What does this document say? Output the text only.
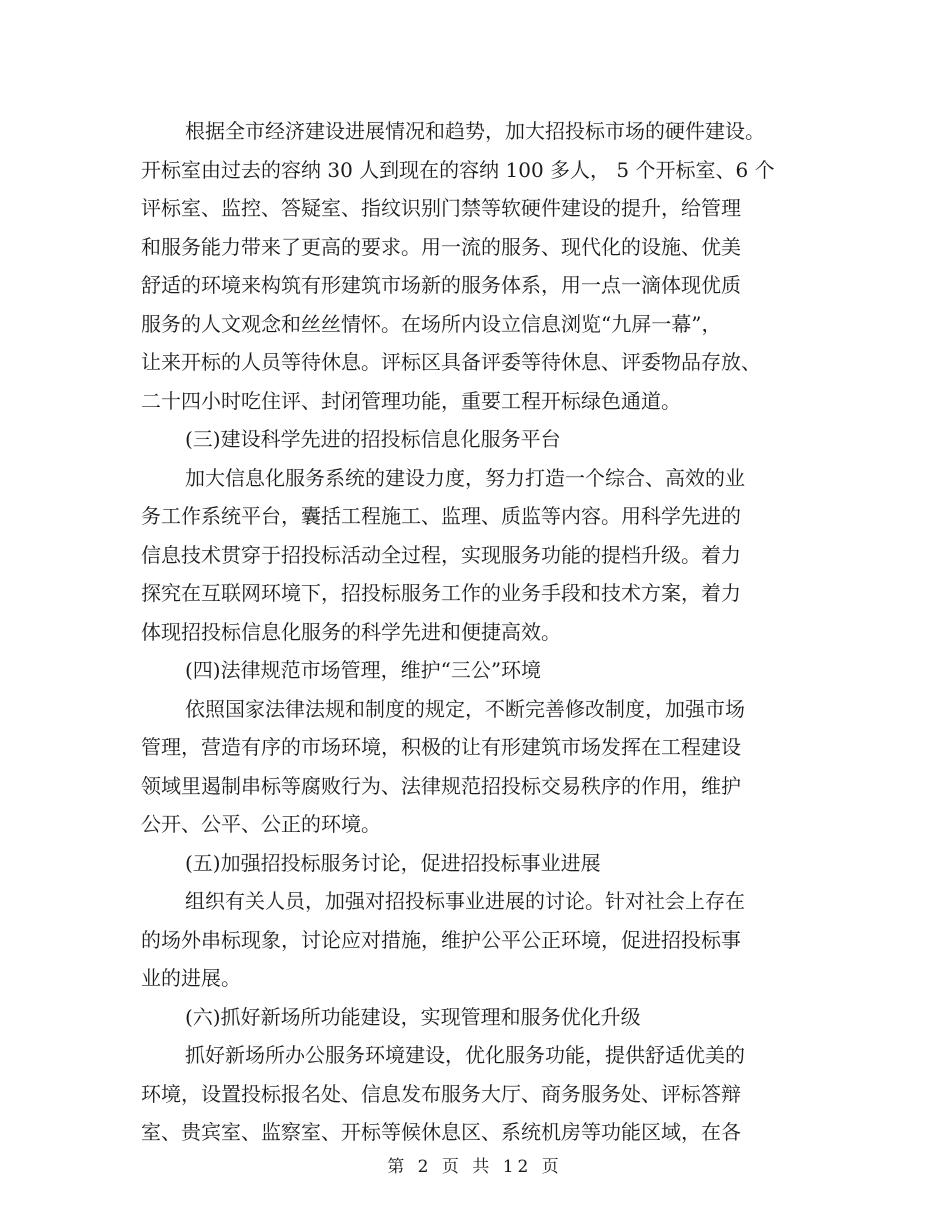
根据全市经济建设进展情况和趋势，加大招投标市场的硬件建设。
开标室由过去的容纳 30 人到现在的容纳 100 多人， 5 个开标室、6 个
评标室、监控、答疑室、指纹识别门禁等软硬件建设的提升，给管理
和服务能力带来了更高的要求。用一流的服务、现代化的设施、优美
舒适的环境来构筑有形建筑市场新的服务体系，用一点一滴体现优质
服务的人文观念和丝丝情怀。在场所内设立信息浏览“九屏一幕”，
让来开标的人员等待休息。评标区具备评委等待休息、评委物品存放、
二十四小时吃住评、封闭管理功能，重要工程开标绿色通道。
(三)建设科学先进的招投标信息化服务平台
加大信息化服务系统的建设力度，努力打造一个综合、高效的业
务工作系统平台，囊括工程施工、监理、质监等内容。用科学先进的
信息技术贯穿于招投标活动全过程，实现服务功能的提档升级。着力
探究在互联网环境下，招投标服务工作的业务手段和技术方案，着力
体现招投标信息化服务的科学先进和便捷高效。
(四)法律规范市场管理，维护“三公”环境
依照国家法律法规和制度的规定，不断完善修改制度，加强市场
管理，营造有序的市场环境，积极的让有形建筑市场发挥在工程建设
领域里遏制串标等腐败行为、法律规范招投标交易秩序的作用，维护
公开、公平、公正的环境。
(五)加强招投标服务讨论，促进招投标事业进展
组织有关人员，加强对招投标事业进展的讨论。针对社会上存在
的场外串标现象，讨论应对措施，维护公平公正环境，促进招投标事
业的进展。
(六)抓好新场所功能建设，实现管理和服务优化升级
抓好新场所办公服务环境建设，优化服务功能，提供舒适优美的
环境，设置投标报名处、信息发布服务大厅、商务服务处、评标答辩
室、贵宾室、监察室、开标等候休息区、系统机房等功能区域，在各
第 2 页 共 12 页
